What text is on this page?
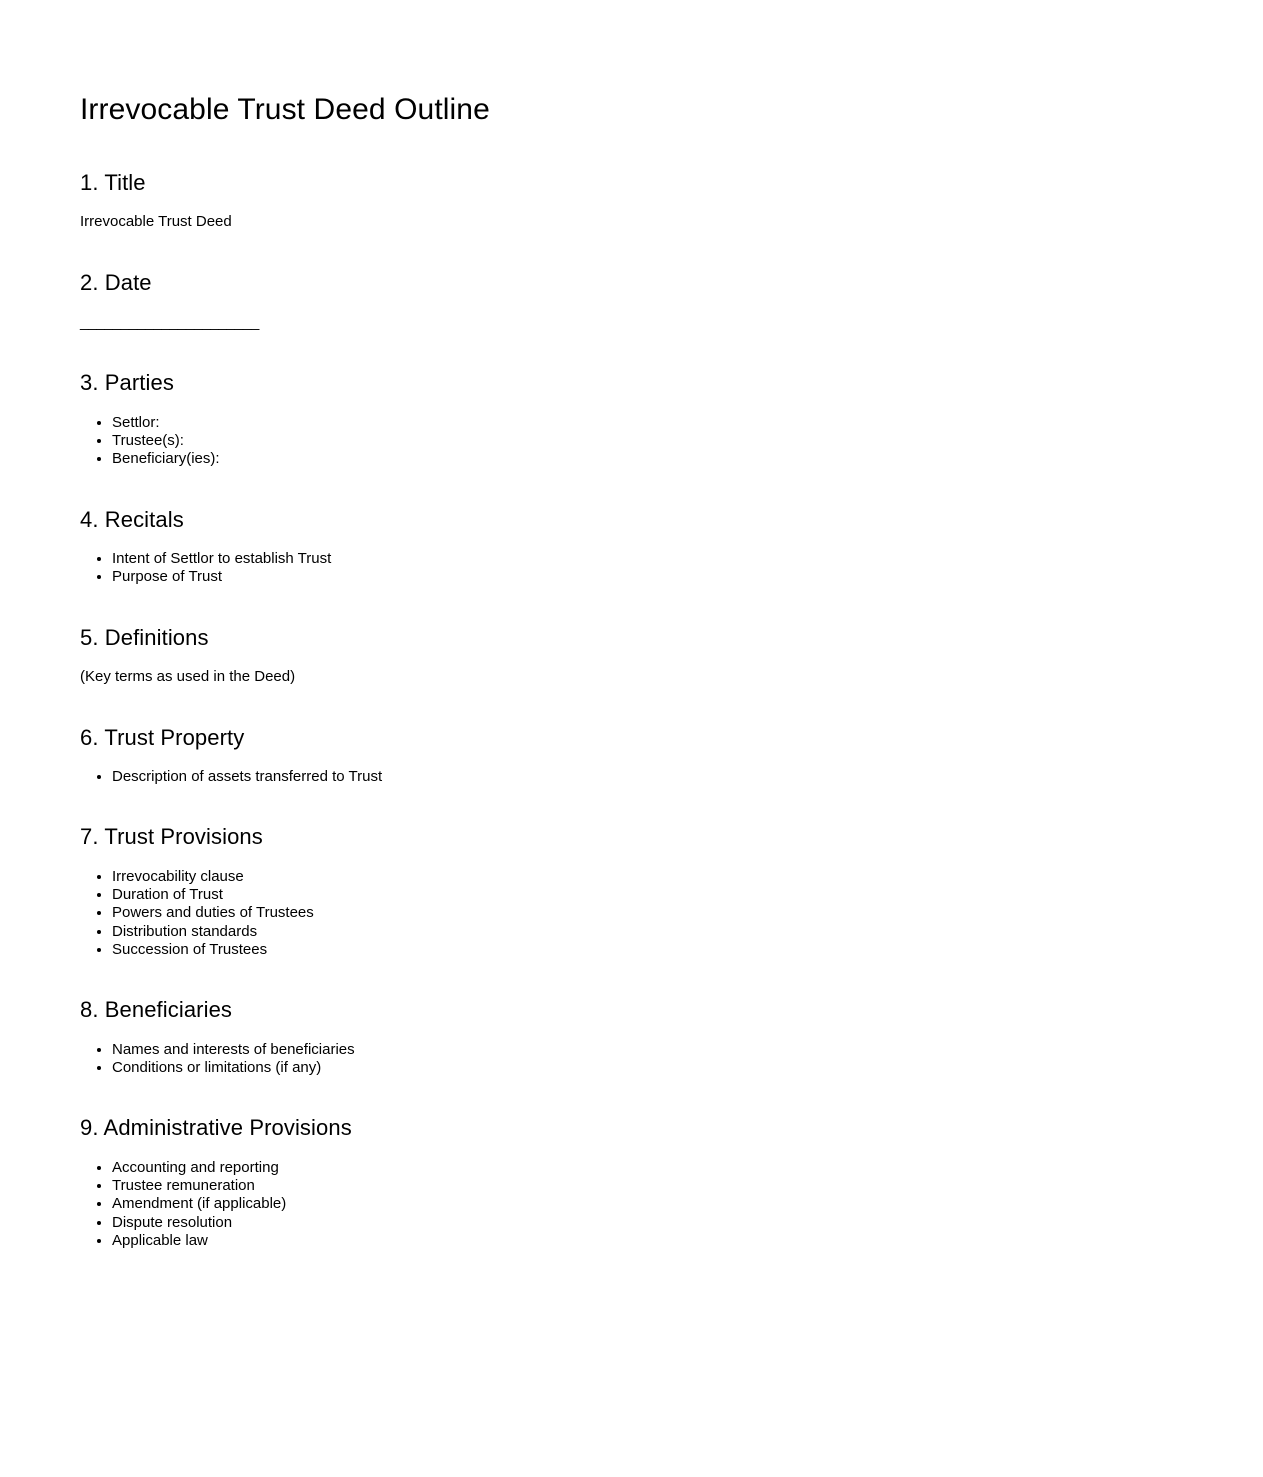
Irrevocable Trust Deed Outline
1. Title

Irrevocable Trust Deed

2. Date

______________________

3. Parties
• Settlor:
• Trustee(s):
• Beneficiary(ies):
4. Recitals
• Intent of Settlor to establish Trust
• Purpose of Trust
5. Definitions

(Key terms as used in the Deed)

6. Trust Property
• Description of assets transferred to Trust
7. Trust Provisions
• Irrevocability clause
• Duration of Trust
• Powers and duties of Trustees
• Distribution standards
• Succession of Trustees
8. Beneficiaries
• Names and interests of beneficiaries
• Conditions or limitations (if any)
9. Administrative Provisions
• Accounting and reporting
• Trustee remuneration
• Amendment (if applicable)
• Dispute resolution
• Applicable law
